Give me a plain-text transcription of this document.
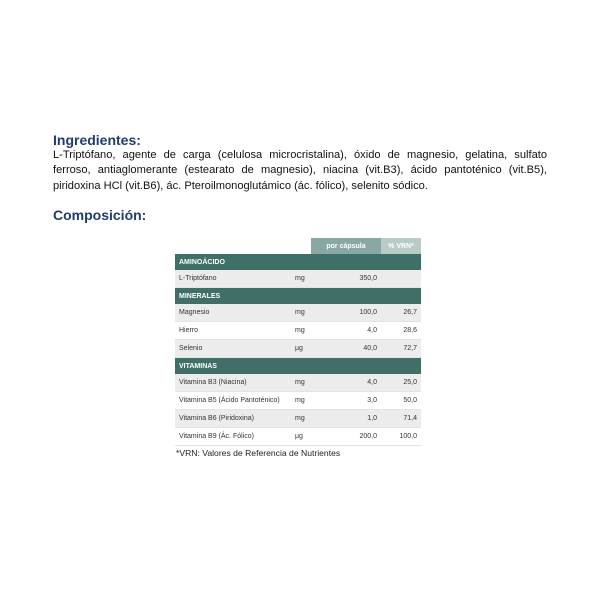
Ingredientes:

L-Triptófano, agente de carga (celulosa microcristalina), óxido de magnesio, gelatina, sulfato ferroso, antiaglomerante (estearato de magnesio), niacina (vit.B3), ácido pantoténico (vit.B5), piridoxina HCl (vit.B6), ác. Pteroilmonoglutámico (ác. fólico), selenito sódico.

Composición:
		por cápsula	% VRN*
AMINOÁCIDO			
L-Triptófano	mg	350,0	
MINERALES			
Magnesio	mg	100,0	26,7
Hierro	mg	4,0	28,6
Selenio	µg	40,0	72,7
VITAMINAS			
Vitamina B3 (Niacina)	mg	4,0	25,0
Vitamina B5 (Ácido Pantoténico)	mg	3,0	50,0
Vitamina B6 (Piridoxina)	mg	1,0	71,4
Vitamina B9 (Ác. Fólico)	µg	200,0	100,0

*VRN: Valores de Referencia de Nutrientes
